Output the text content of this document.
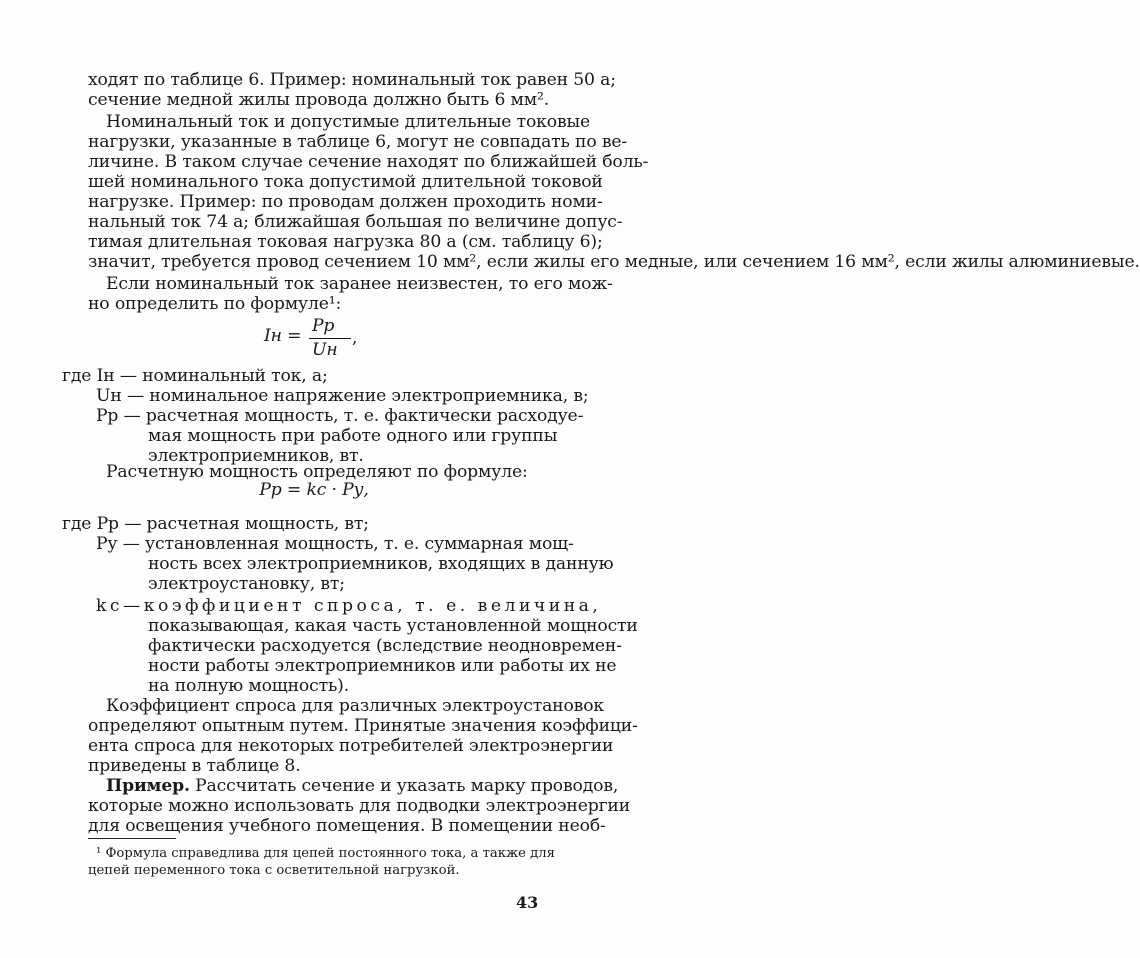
ходят по таблице 6. Пример: номинальный ток равен 50 а;
сечение медной жилы провода должно быть 6 мм².
Номинальный ток и допустимые длительные токовые
нагрузки, указанные в таблице 6, могут не совпадать по ве-
личине. В таком случае сечение находят по ближайшей боль-
шей номинального тока допустимой длительной токовой
нагрузке. Пример: по проводам должен проходить номи-
нальный ток 74 а; ближайшая большая по величине допус-
тимая длительная токовая нагрузка 80 а (см. таблицу 6);
значит, требуется провод сечением 10 мм², если жилы его медные, или сечением 16 мм², если жилы алюминиевые.
Если номинальный ток заранее неизвестен, то его мож-
но определить по формуле¹:
Iн = Pр
Uн
,
где Iн — номинальный ток, а;
Uн — номинальное напряжение электроприемника, в;
Pр — расчетная мощность, т. е. фактически расходуе-
мая мощность при работе одного или группы
электроприемников, вт.
Расчетную мощность определяют по формуле:
Pр = kс · Pу,
где Pр — расчетная мощность, вт;
Pу — установленная мощность, т. е. суммарная мощ-
ность всех электроприемников, входящих в данную
электроустановку, вт;
kс—коэффициент спроса, т. е. величина,
показывающая, какая часть установленной мощности
фактически расходуется (вследствие неодновремен-
ности работы электроприемников или работы их не
на полную мощность).
Коэффициент спроса для различных электроустановок
определяют опытным путем. Принятые значения коэффици-
ента спроса для некоторых потребителей электроэнергии
приведены в таблице 8.
Пример. Рассчитать сечение и указать марку проводов,
которые можно использовать для подводки электроэнергии
для освещения учебного помещения. В помещении необ-
¹ Формула справедлива для цепей постоянного тока, а также для
цепей переменного тока с осветительной нагрузкой.
43
